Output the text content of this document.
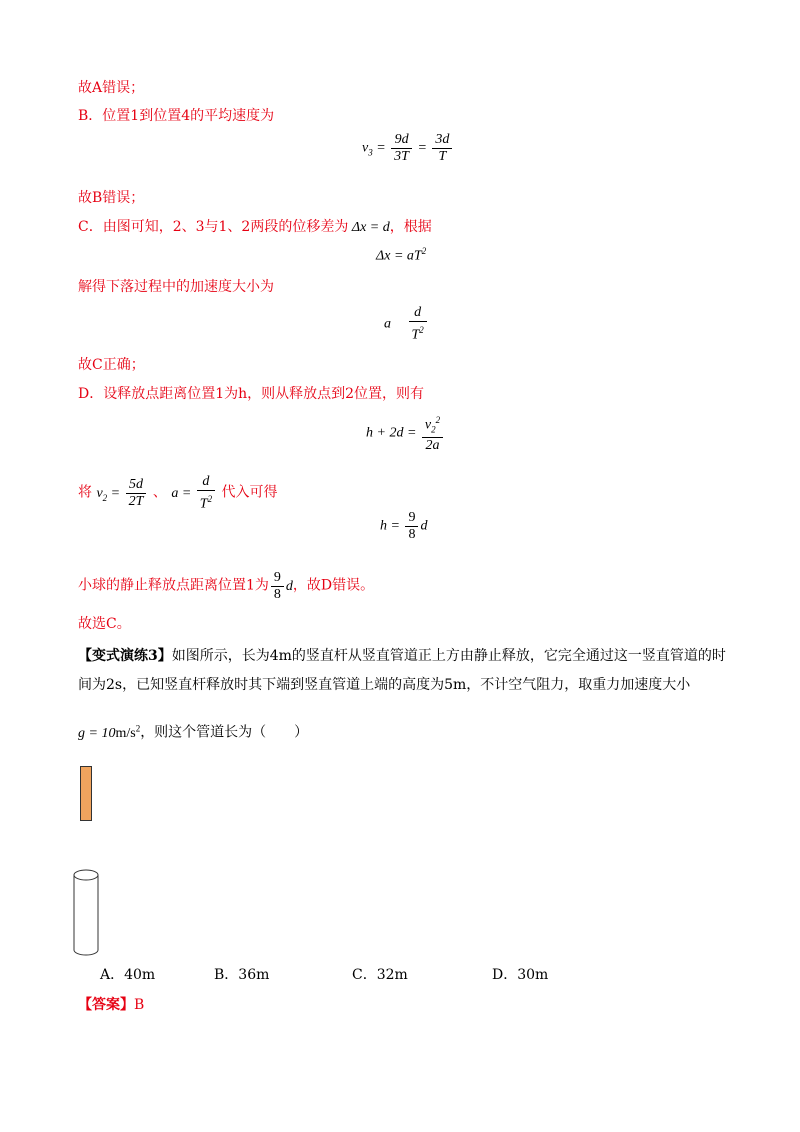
故A错误；
B．位置1到位置4的平均速度为
$v_3 = \frac{9d}{3T} = \frac{3d}{T}$
故B错误；
C．由图可知，2、3与1、2两段的位移差为 Δx = d，根据
$\Delta x = aT^2$
解得下落过程中的加速度大小为
a $\frac{d}{T^2}$
故C正确；
D．设释放点距离位置1为h，则从释放点到2位置，则有
$h + 2d = \frac{v_2^2}{2a}$
将 $v_2 = \frac{5d}{2T}$ 、 $a = \frac{d}{T^2}$ 代入可得
$h = \frac{9}{8}$ d
小球的静止释放点距离位置1为 $\frac{9}{8}$ d，故D错误。
故选C。
【变式演练3】如图所示，长为4m的竖直杆从竖直管道正上方由静止释放，它完全通过这一竖直管道的时
间为2s，已知竖直杆释放时其下端到竖直管道上端的高度为5m，不计空气阻力，取重力加速度大小
$g = 10m/s^2$，则这个管道长为（　　）
A．40m	B．36m	C．32m	D．30m
【答案】B
